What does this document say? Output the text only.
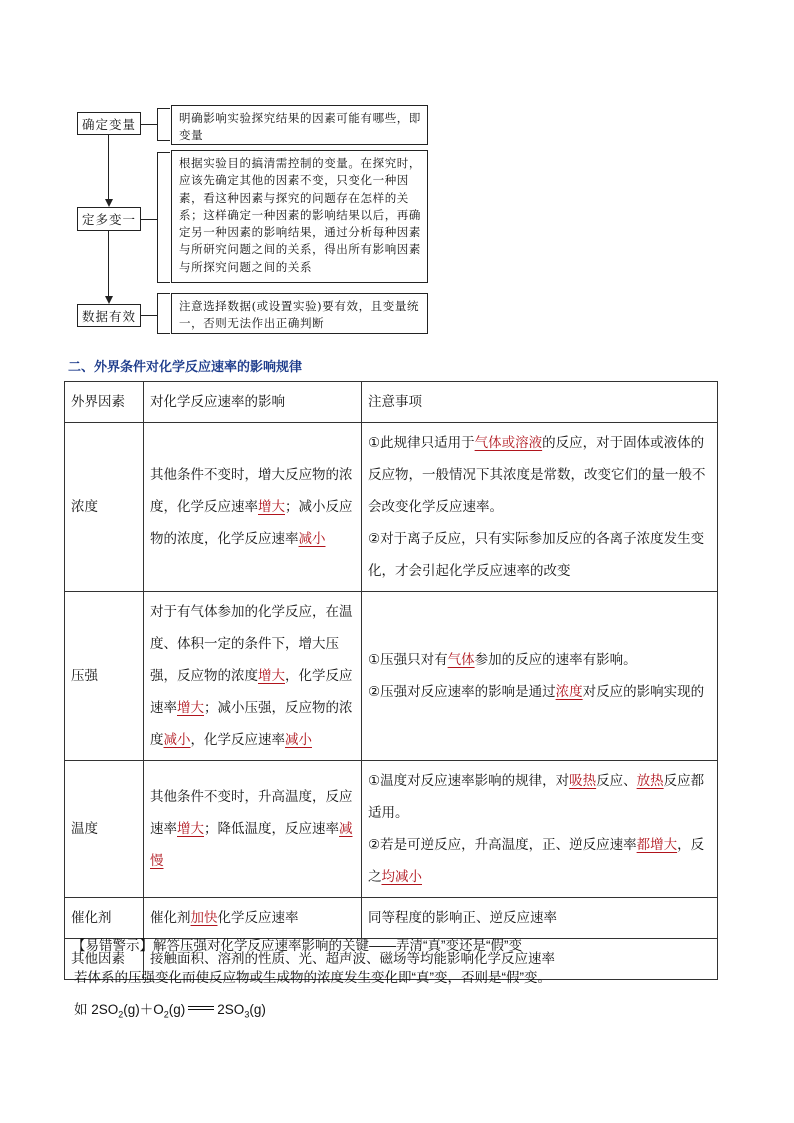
确定变量
定多变一
数据有效
明确影响实验探究结果的因素可能有哪些，即变量
根据实验目的搞清需控制的变量。在探究时，应该先确定其他的因素不变，只变化一种因素，看这种因素与探究的问题存在怎样的关系；这样确定一种因素的影响结果以后，再确定另一种因素的影响结果，通过分析每种因素与所研究问题之间的关系，得出所有影响因素与所探究问题之间的关系
注意选择数据(或设置实验)要有效，且变量统一，否则无法作出正确判断
二、外界条件对化学反应速率的影响规律
外界因素	对化学反应速率的影响	注意事项
浓度	其他条件不变时，增大反应物的浓度，化学反应速率增大；减小反应物的浓度，化学反应速率减小	①此规律只适用于气体或溶液的反应，对于固体或液体的反应物，一般情况下其浓度是常数，改变它们的量一般不会改变化学反应速率。
②对于离子反应，只有实际参加反应的各离子浓度发生变化，才会引起化学反应速率的改变

压强	对于有气体参加的化学反应，在温度、体积一定的条件下，增大压强，反应物的浓度增大，化学反应速率增大；减小压强，反应物的浓度减小，化学反应速率减小	①压强只对有气体参加的反应的速率有影响。
②压强对反应速率的影响是通过浓度对反应的影响实现的

温度	其他条件不变时，升高温度，反应速率增大；降低温度，反应速率减慢	①温度对反应速率影响的规律，对吸热反应、放热反应都适用。
②若是可逆反应，升高温度，正、逆反应速率都增大，反之均减小

催化剂	催化剂加快化学反应速率	同等程度的影响正、逆反应速率
其他因素	接触面积、溶剂的性质、光、超声波、磁场等均能影响化学反应速率	
【易错警示】解答压强对化学反应速率影响的关键——弄清“真”变还是“假”变
若体系的压强变化而使反应物或生成物的浓度发生变化即“真”变，否则是“假”变。
如 $2SO_2(g)+O_2(g)$ $2SO_3(g)$
